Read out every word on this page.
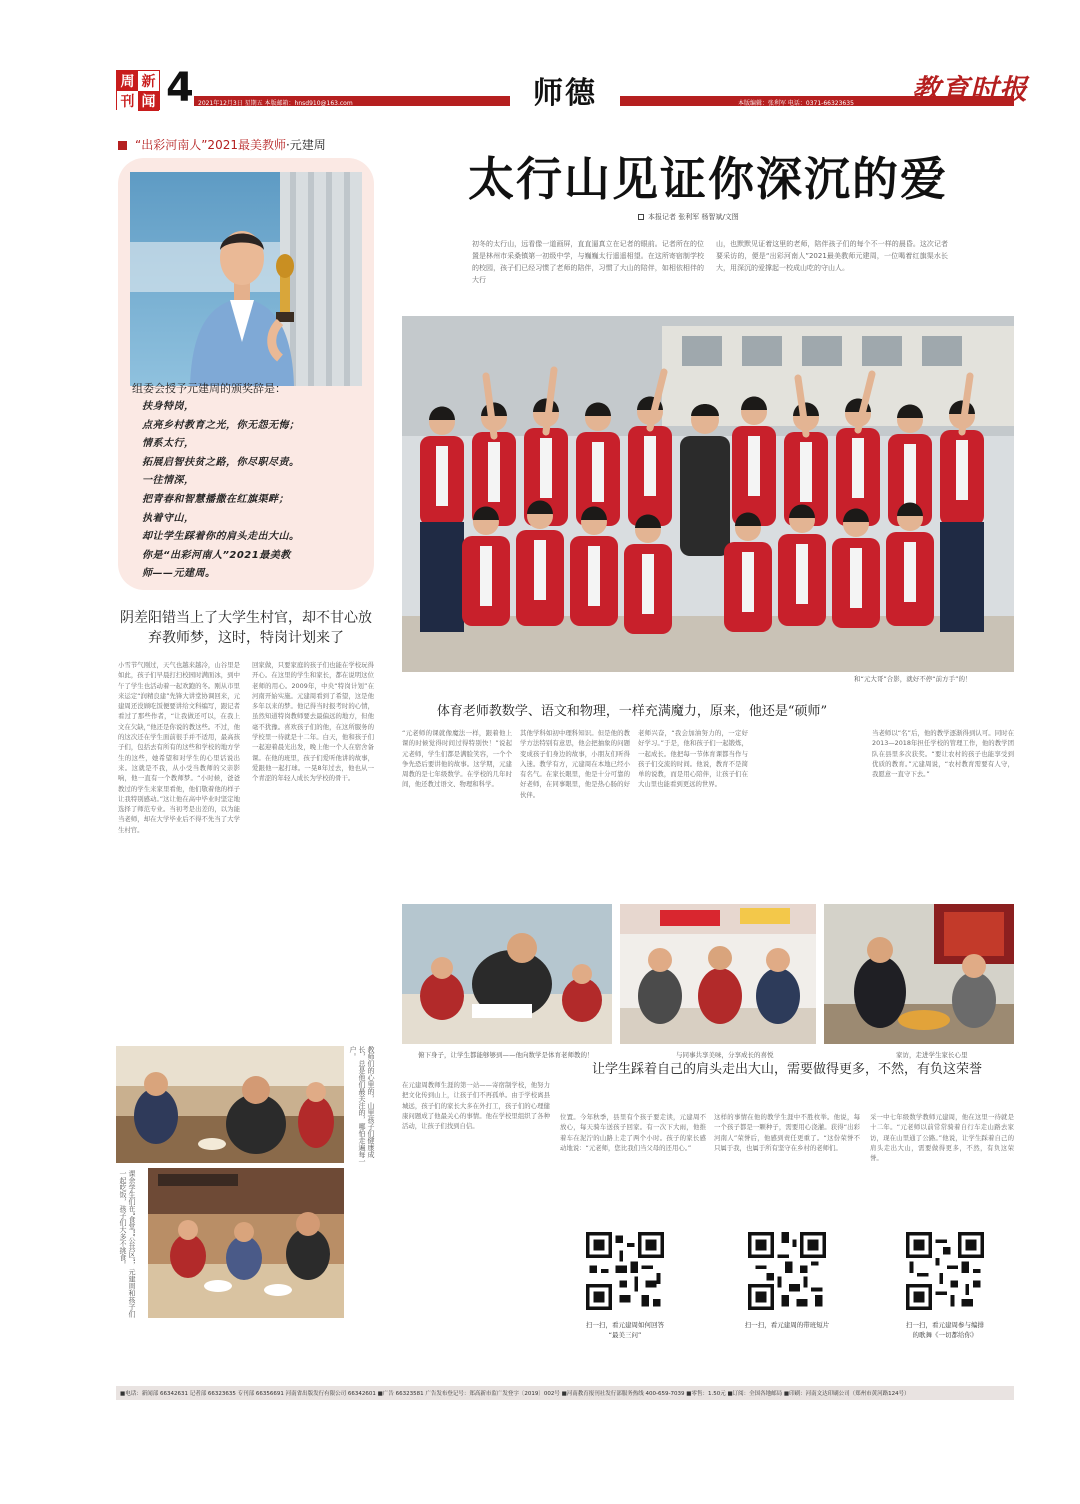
周 新
刊 闻 4 2021年12月3日 星期五 本版邮箱：hnsd910@163.com	本版编辑：张利军 电话：0371-66323635
师德	教育时报
“出彩河南人”2021最美教师·元建周
组委会授予元建周的颁奖辞是：
扶身特岗，
点亮乡村教育之光，你无怨无悔；
情系太行，
拓展启智扶贫之路，你尽职尽责。
一往情深，
把青春和智慧播撒在红旗渠畔；
执着守山，
却让学生踩着你的肩头走出大山。
你是“出彩河南人”2021最美教
师——元建周。
阴差阳错当上了大学生村官，却不甘心放弃教师梦，这时，特岗计划来了
小雪节气刚过，天气也越来越冷，山谷里是如此，孩子们早晨打扫校园时满面冰，到中午了学生也活动着一起欢跑的冬。刚从市里来运定“润精良建”先锋大讲堂协调回来，元建周还没顾吃饭便要讲给文科编写，跟记者看过了那些作者，“让我做还可以，在我上文在欠缺，”他还是你说的教这些。不过，他的这次还在学生面前很手并不适用，最高孩子们，包括去有所有的这些和学校的地方学生的这些，她希望和对学生的心里话说出来。这就是不我，从小受当教师的父亲影响，他一直有一个教师梦。“小时候，爸爸教过的学生来家里看他，他们敬着他的样子让我特别感动。”这让他在高中毕业时坚定地选择了师范专业。当初考是出差的，以为能当老师，却在大学毕业后不得不先当了大学生村官。
回家做，只要家庭的孩子们也能在学校玩得开心。在这里的学生和家长，都在说明这位老师的用心。2009年，中央“特岗计划”在河南开始实施。元建周看到了希望，这是他多年以来的梦。他记得当时报考时的心情，虽然知道特岗教师要去最偏远的地方，但他毫不犹豫。喜欢孩子们的他，在这所服务的学校里一待就是十二年。白天，他和孩子们一起迎着晨光出发，晚上他一个人在宿舍备课。在他的班里，孩子们爱听他讲的故事，爱跟他一起打球。一晃8年过去，他也从一个青涩的年轻人成长为学校的骨干。
教师们的心里的，山里孩子们健康成长，总是他们最关注的，哪怕走遍每一户。
课余学生们在“食堂”“公共区”，元建周和孩子们一起吃饭，孩子们大多不挑食。
太行山见证你深沉的爱
本报记者 张利军 杨智斌/文图
初冬的太行山，远看像一道画屏，直直逼真立在记者的眼前。记者所在的位置是林州市采桑镇第一初级中学，与巍巍太行遥遥相望。在这所寄宿制学校的校园，孩子们已经习惯了老师的陪伴，习惯了大山的陪伴，如相依相伴的大行
山，也默默见证着这里的老师，陪伴孩子们的每个不一样的晨昏。这次记者要采访的，便是“出彩河南人”2021最美教师元建周，一位喝着红旗渠水长大，用深沉的爱撑起一校成山吃的守山人。
和“元大哥”合影，就好不停“前方手”的！
体育老师教数学、语文和物理，一样充满魔力，原来，他还是“硕师”
“元老师的课就像魔法一样，跟着他上课的时候觉得时间过得特别快！”说起元老师，学生们都是满脸笑容，一个个争先恐后要讲他的故事。这学期，元建周教的是七年级数学。在学校的几年时间，他还教过语文、物理和科学。
其他学科如初中理科知识。但是他的教学方法特别有意思，他会把抽象的问题变成孩子们身边的故事，小朋友们听得入迷。教学有方，元建周在本地已经小有名气。在家长眼里，他是十分可靠的好老师，在同事眼里，他是热心肠的好伙伴。
老师兴奋，“我会加油努力的，一定好好学习。”于是，他和孩子们一起锻炼，一起成长。他把每一节体育课都当作与孩子们交流的时间。他说，教育不是简单的说教，而是用心陪伴，让孩子们在大山里也能看到更远的世界。
当老师以“名”后，他的教学逐渐得到认可。同时在2013—2018年担任学校的管理工作，他的教学团队在县里多次获奖。“要让农村的孩子也能享受到优质的教育。”元建周说，“农村教育需要有人守，我愿意一直守下去。”
俯下身子，让学生都能够够到——他向数学是体育老师教的！	与同事共享美味，分享成长的喜悦	家访，走进学生家长心里
让学生踩着自己的肩头走出大山，需要做得更多，不然，有负这荣誉
在元建周教师生涯的第一站——寄宿制学校，他努力把文化传到山上，让孩子们不再孤单。由于学校离县城远，孩子们的家长大多在外打工，孩子们的心理健康问题成了他最关心的事情。他在学校里组织了各种活动，让孩子们找到自信。
位置。今年秋季，县里有个孩子要走读，元建周不放心，每天骑车送孩子回家。有一次下大雨，他推着车在泥泞的山路上走了两个小时。孩子的家长感动地说：“元老师，您比我们当父母的还用心。”
这样的事情在他的教学生涯中不胜枚举。他说，每一个孩子都是一颗种子，需要用心浇灌。获得“出彩河南人”荣誉后，他感到责任更重了。“这份荣誉不只属于我，也属于所有坚守在乡村的老师们。
采一中七年级数学教师元建周，他在这里一待就是十二年。“元老师以前常常骑着自行车走山路去家访，现在山里通了公路。”他说，让学生踩着自己的肩头走出大山，需要做得更多，不然，有负这荣誉。
扫一扫，看元建周如何回答
“最美三问”
扫一扫，看元建周的带班短片	扫一扫，看元建周参与编排
的歌舞《一切都给你》
■电话：新闻部 66342631 记者部 66323635 专刊部 66356691 河南省出版发行有限公司 66342601 ■广告 66323581 广告发布登记号：郑高新市监广发登字〔2019〕002号 ■河南教育报刊社发行部服务热线 400-659-7039 ■零售：1.50元 ■订阅：全国各地邮局 ■印刷：河南文达印刷公司（郑州市黄河路124号）
